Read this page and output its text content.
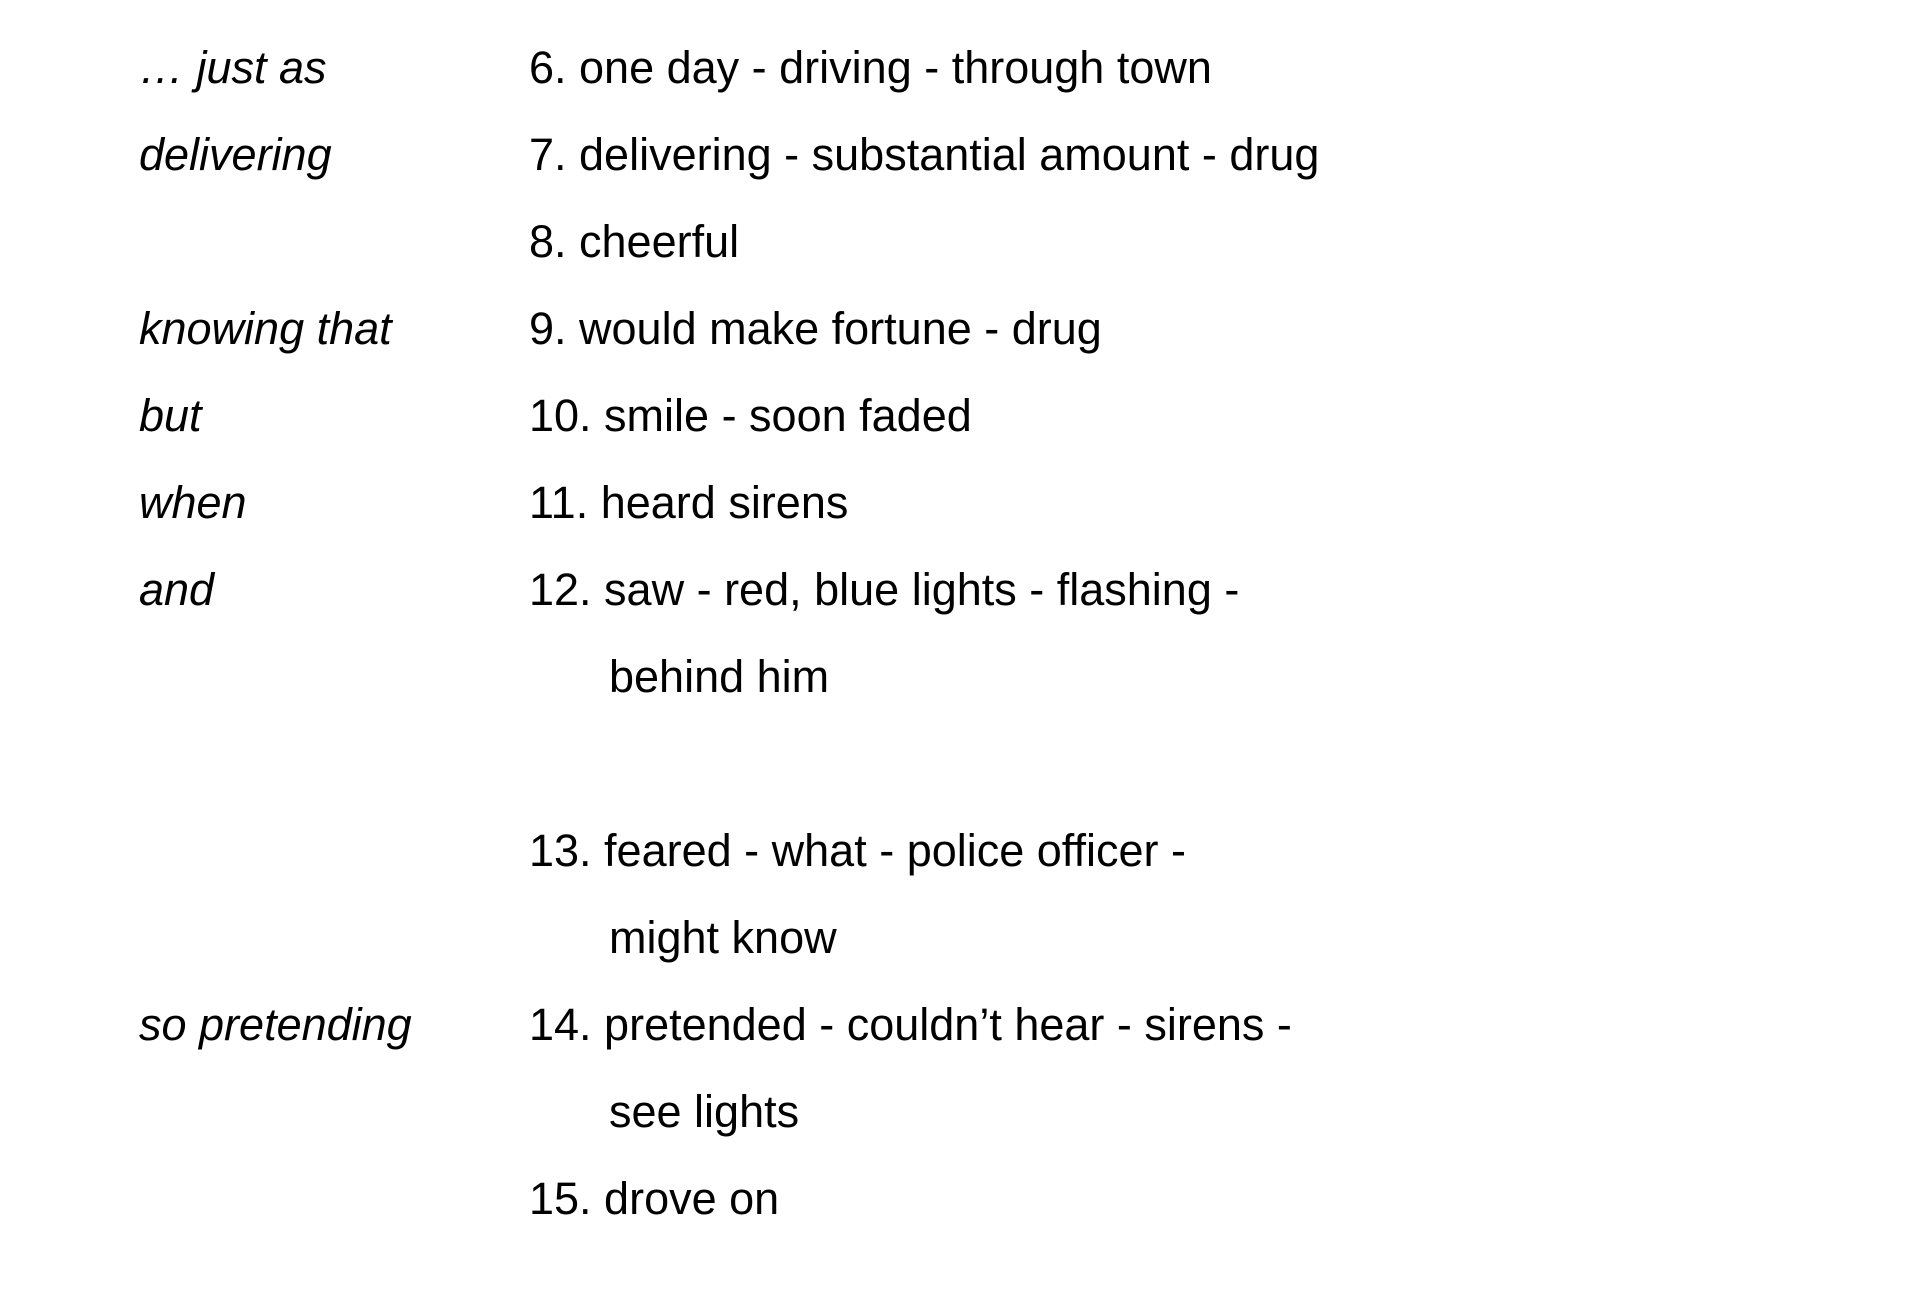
… just as	6. one day - driving - through town
delivering	7. delivering - substantial amount - drug
8. cheerful
knowing that	9. would make fortune - drug
but	10. smile - soon faded
when	11. heard sirens
and	12. saw - red, blue lights - flashing -
behind him
13. feared - what - police officer -
might know
so pretending	14. pretended - couldn’t hear - sirens -
see lights
15. drove on
